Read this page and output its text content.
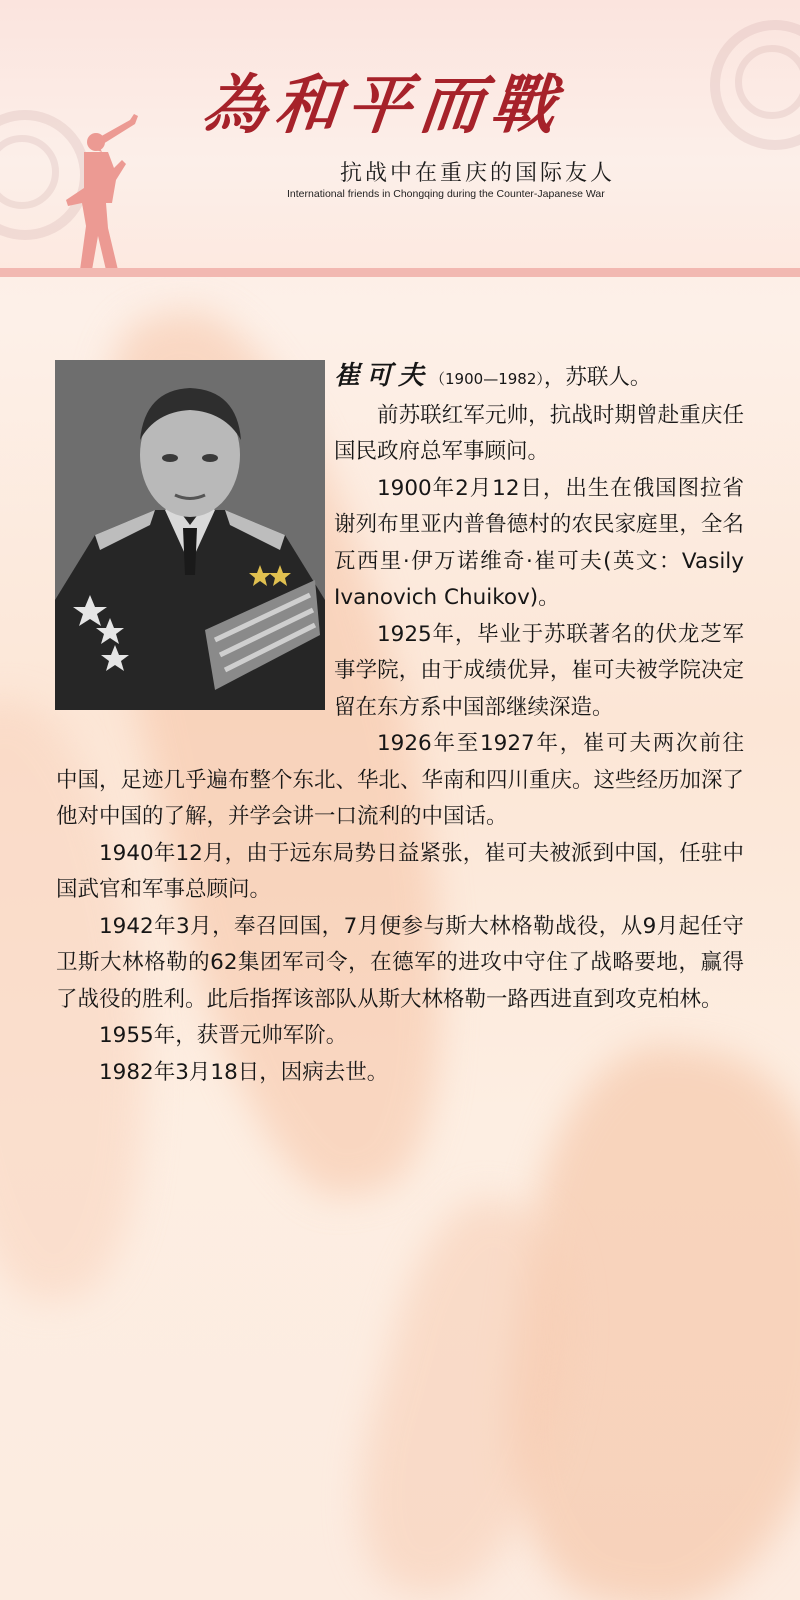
為和平而戰
抗战中在重庆的国际友人
International friends in Chongqing during the Counter-Japanese War

崔可夫（1900—1982），苏联人。

前苏联红军元帅，抗战时期曾赴重庆任国民政府总军事顾问。

1900年2月12日，出生在俄国图拉省谢列布里亚内普鲁德村的农民家庭里，全名瓦西里·伊万诺维奇·崔可夫(英文：Vasily Ivanovich Chuikov)。

1925年，毕业于苏联著名的伏龙芝军事学院，由于成绩优异，崔可夫被学院决定留在东方系中国部继续深造。

1926年至1927年，崔可夫两次前往中国，足迹几乎遍布整个东北、华北、华南和四川重庆。这些经历加深了他对中国的了解，并学会讲一口流利的中国话。

1940年12月，由于远东局势日益紧张，崔可夫被派到中国，任驻中国武官和军事总顾问。

1942年3月，奉召回国，7月便参与斯大林格勒战役，从9月起任守卫斯大林格勒的62集团军司令，在德军的进攻中守住了战略要地，赢得了战役的胜利。此后指挥该部队从斯大林格勒一路西进直到攻克柏林。

1955年，获晋元帅军阶。

1982年3月18日，因病去世。
